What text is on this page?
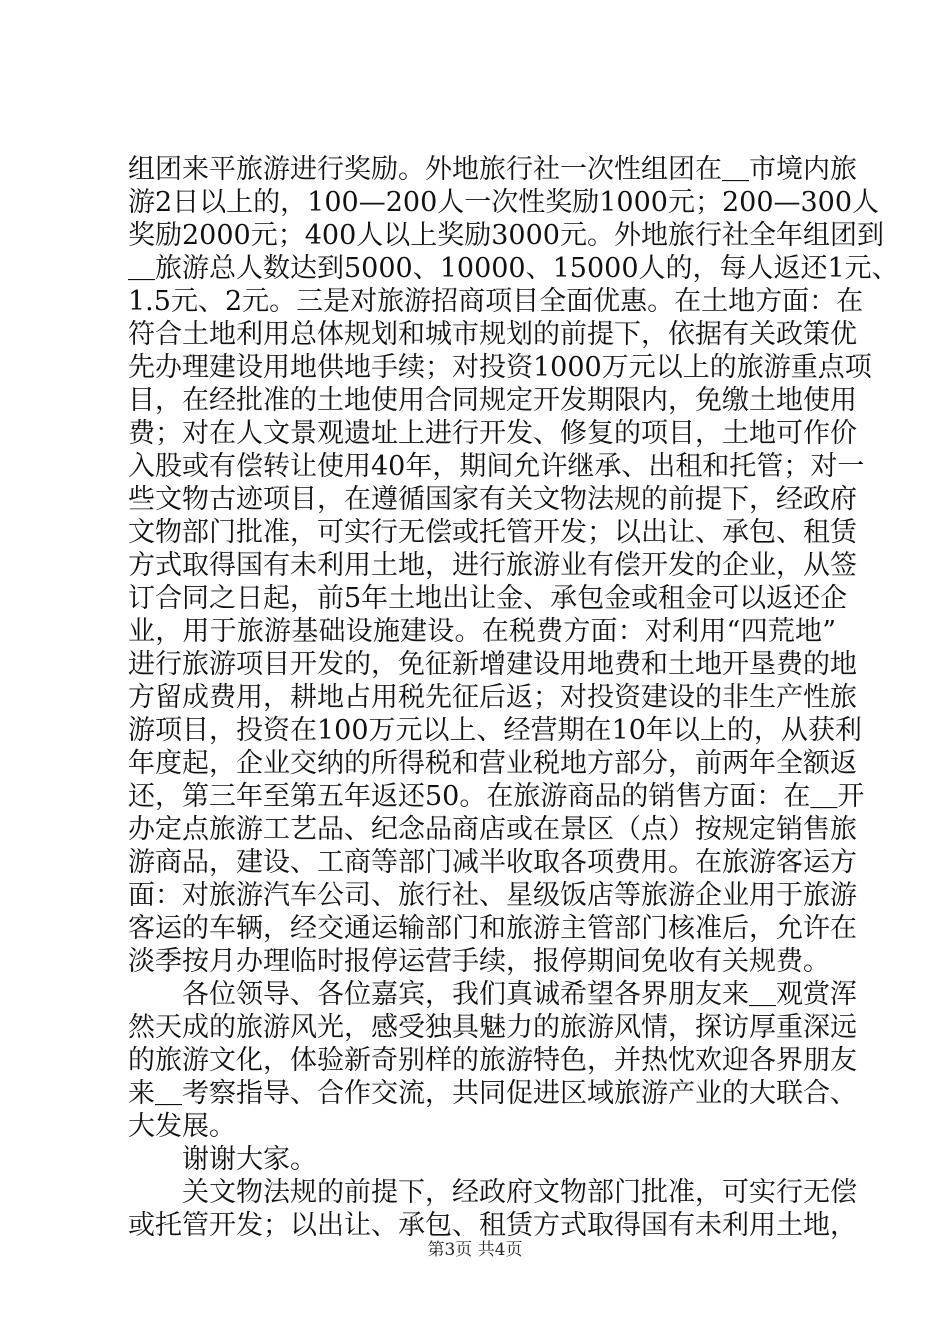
组团来平旅游进行奖励。外地旅行社一次性组团在＿市境内旅
游2日以上的，100—200人一次性奖励1000元；200—300人
奖励2000元；400人以上奖励3000元。外地旅行社全年组团到
＿旅游总人数达到5000、10000、15000人的，每人返还1元、
1.5元、2元。三是对旅游招商项目全面优惠。在土地方面：在
符合土地利用总体规划和城市规划的前提下，依据有关政策优
先办理建设用地供地手续；对投资1000万元以上的旅游重点项
目，在经批准的土地使用合同规定开发期限内，免缴土地使用
费；对在人文景观遗址上进行开发、修复的项目，土地可作价
入股或有偿转让使用40年，期间允许继承、出租和托管；对一
些文物古迹项目，在遵循国家有关文物法规的前提下，经政府
文物部门批准，可实行无偿或托管开发；以出让、承包、租赁
方式取得国有未利用土地，进行旅游业有偿开发的企业，从签
订合同之日起，前5年土地出让金、承包金或租金可以返还企
业，用于旅游基础设施建设。在税费方面：对利用“四荒地”
进行旅游项目开发的，免征新增建设用地费和土地开垦费的地
方留成费用，耕地占用税先征后返；对投资建设的非生产性旅
游项目，投资在100万元以上、经营期在10年以上的，从获利
年度起，企业交纳的所得税和营业税地方部分，前两年全额返
还，第三年至第五年返还50。在旅游商品的销售方面：在＿开
办定点旅游工艺品、纪念品商店或在景区（点）按规定销售旅
游商品，建设、工商等部门减半收取各项费用。在旅游客运方
面：对旅游汽车公司、旅行社、星级饭店等旅游企业用于旅游
客运的车辆，经交通运输部门和旅游主管部门核准后，允许在
淡季按月办理临时报停运营手续，报停期间免收有关规费。
　　各位领导、各位嘉宾，我们真诚希望各界朋友来＿观赏浑
然天成的旅游风光，感受独具魅力的旅游风情，探访厚重深远
的旅游文化，体验新奇别样的旅游特色，并热忱欢迎各界朋友
来＿考察指导、合作交流，共同促进区域旅游产业的大联合、
大发展。
　　谢谢大家。
　　关文物法规的前提下，经政府文物部门批准，可实行无偿
或托管开发；以出让、承包、租赁方式取得国有未利用土地，
第3页 共4页
